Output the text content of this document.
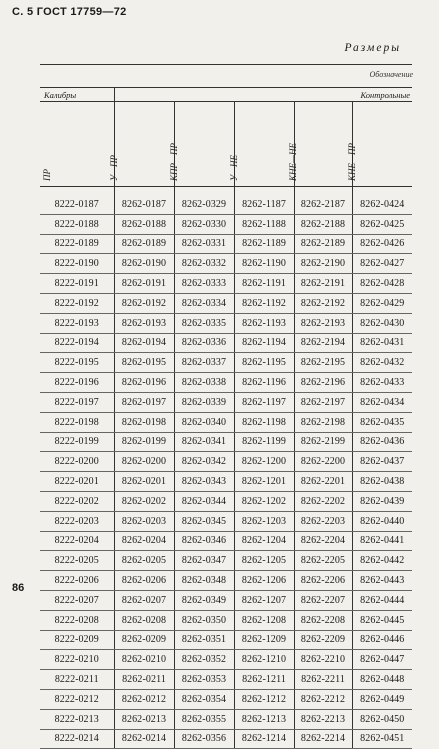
С. 5 ГОСТ 17759—72
Размеры
Обозначение
Калибры	Контрольные				

ПР	У—ПР	КПР—ПР	У—НЕ	КНЕ—НЕ	КНЕ—ПР

8222-0187	8262-0187	8262-0329	8262-1187	8262-2187	8262-0424
8222-0188	8262-0188	8262-0330	8262-1188	8262-2188	8262-0425
8222-0189	8262-0189	8262-0331	8262-1189	8262-2189	8262-0426
8222-0190	8262-0190	8262-0332	8262-1190	8262-2190	8262-0427
8222-0191	8262-0191	8262-0333	8262-1191	8262-2191	8262-0428
8222-0192	8262-0192	8262-0334	8262-1192	8262-2192	8262-0429
8222-0193	8262-0193	8262-0335	8262-1193	8262-2193	8262-0430
8222-0194	8262-0194	8262-0336	8262-1194	8262-2194	8262-0431
8222-0195	8262-0195	8262-0337	8262-1195	8262-2195	8262-0432
8222-0196	8262-0196	8262-0338	8262-1196	8262-2196	8262-0433
8222-0197	8262-0197	8262-0339	8262-1197	8262-2197	8262-0434
8222-0198	8262-0198	8262-0340	8262-1198	8262-2198	8262-0435
8222-0199	8262-0199	8262-0341	8262-1199	8262-2199	8262-0436
8222-0200	8262-0200	8262-0342	8262-1200	8262-2200	8262-0437
8222-0201	8262-0201	8262-0343	8262-1201	8262-2201	8262-0438
8222-0202	8262-0202	8262-0344	8262-1202	8262-2202	8262-0439
8222-0203	8262-0203	8262-0345	8262-1203	8262-2203	8262-0440
8222-0204	8262-0204	8262-0346	8262-1204	8262-2204	8262-0441
8222-0205	8262-0205	8262-0347	8262-1205	8262-2205	8262-0442
8222-0206	8262-0206	8262-0348	8262-1206	8262-2206	8262-0443
8222-0207	8262-0207	8262-0349	8262-1207	8262-2207	8262-0444
8222-0208	8262-0208	8262-0350	8262-1208	8262-2208	8262-0445
8222-0209	8262-0209	8262-0351	8262-1209	8262-2209	8262-0446
8222-0210	8262-0210	8262-0352	8262-1210	8262-2210	8262-0447
8222-0211	8262-0211	8262-0353	8262-1211	8262-2211	8262-0448
8222-0212	8262-0212	8262-0354	8262-1212	8262-2212	8262-0449
8222-0213	8262-0213	8262-0355	8262-1213	8262-2213	8262-0450
8222-0214	8262-0214	8262-0356	8262-1214	8262-2214	8262-0451
86
